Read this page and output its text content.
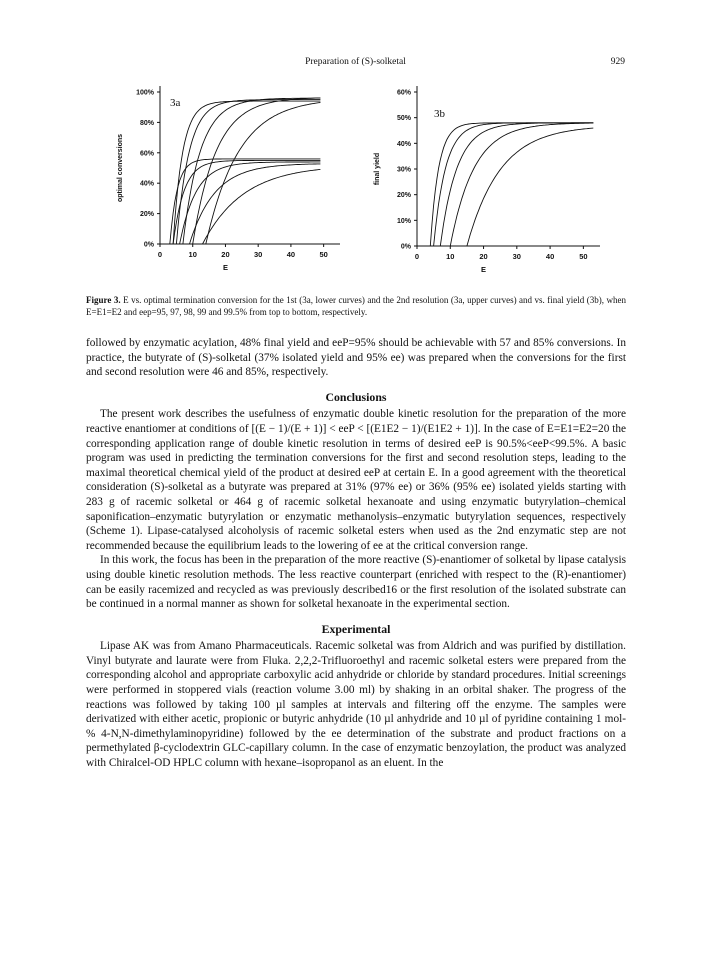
Preparation of (S)-solketal	929
0%
20%
40%
60%
80%
100%
0	10	20	30	40	50
E
optimal conversions
3a
0%
10%
20%
30%
40%
50%
60%
0	10	20	30	40	50
E
final yield
3b
Figure 3. E vs. optimal termination conversion for the 1st (3a, lower curves) and the 2nd resolution (3a, upper curves) and vs. final yield (3b), when E=E1=E2 and eep=95, 97, 98, 99 and 99.5% from top to bottom, respectively.

followed by enzymatic acylation, 48% final yield and eeP=95% should be achievable with 57 and 85% conversions. In practice, the butyrate of (S)-solketal (37% isolated yield and 95% ee) was prepared when the conversions for the first and second resolution were 46 and 85%, respectively.

Conclusions

The present work describes the usefulness of enzymatic double kinetic resolution for the preparation of the more reactive enantiomer at conditions of [(E − 1)/(E + 1)] < eeP < [(E1E2 − 1)/(E1E2 + 1)]. In the case of E=E1=E2=20 the corresponding application range of double kinetic resolution in terms of desired eeP is 90.5%<eeP<99.5%. A basic program was used in predicting the termination conversions for the first and second resolution steps, leading to the maximal theoretical chemical yield of the product at desired eeP at certain E. In a good agreement with the theoretical consideration (S)-solketal as a butyrate was prepared at 31% (97% ee) or 36% (95% ee) isolated yields starting with 283 g of racemic solketal or 464 g of racemic solketal hexanoate and using enzymatic butyrylation–chemical saponification–enzymatic butyrylation or enzymatic methanolysis–enzymatic butyrylation sequences, respectively (Scheme 1). Lipase-catalysed alcoholysis of racemic solketal esters when used as the 2nd enzymatic step are not recommended because the equilibrium leads to the lowering of ee at the critical conversion range.

In this work, the focus has been in the preparation of the more reactive (S)-enantiomer of solketal by lipase catalysis using double kinetic resolution methods. The less reactive counterpart (enriched with respect to the (R)-enantiomer) can be easily racemized and recycled as was previously described16 or the first resolution of the isolated substrate can be continued in a normal manner as shown for solketal hexanoate in the experimental section.

Experimental

Lipase AK was from Amano Pharmaceuticals. Racemic solketal was from Aldrich and was purified by distillation. Vinyl butyrate and laurate were from Fluka. 2,2,2-Trifluoroethyl and racemic solketal esters were prepared from the corresponding alcohol and appropriate carboxylic acid anhydride or chloride by standard procedures. Initial screenings were performed in stoppered vials (reaction volume 3.00 ml) by shaking in an orbital shaker. The progress of the reactions was followed by taking 100 µl samples at intervals and filtering off the enzyme. The samples were derivatized with either acetic, propionic or butyric anhydride (10 µl anhydride and 10 µl of pyridine containing 1 mol-% 4-N,N-dimethylaminopyridine) followed by the ee determination of the substrate and product fractions on a permethylated β-cyclodextrin GLC-capillary column. In the case of enzymatic benzoylation, the product was analyzed with Chiralcel-OD HPLC column with hexane–isopropanol as an eluent. In the
